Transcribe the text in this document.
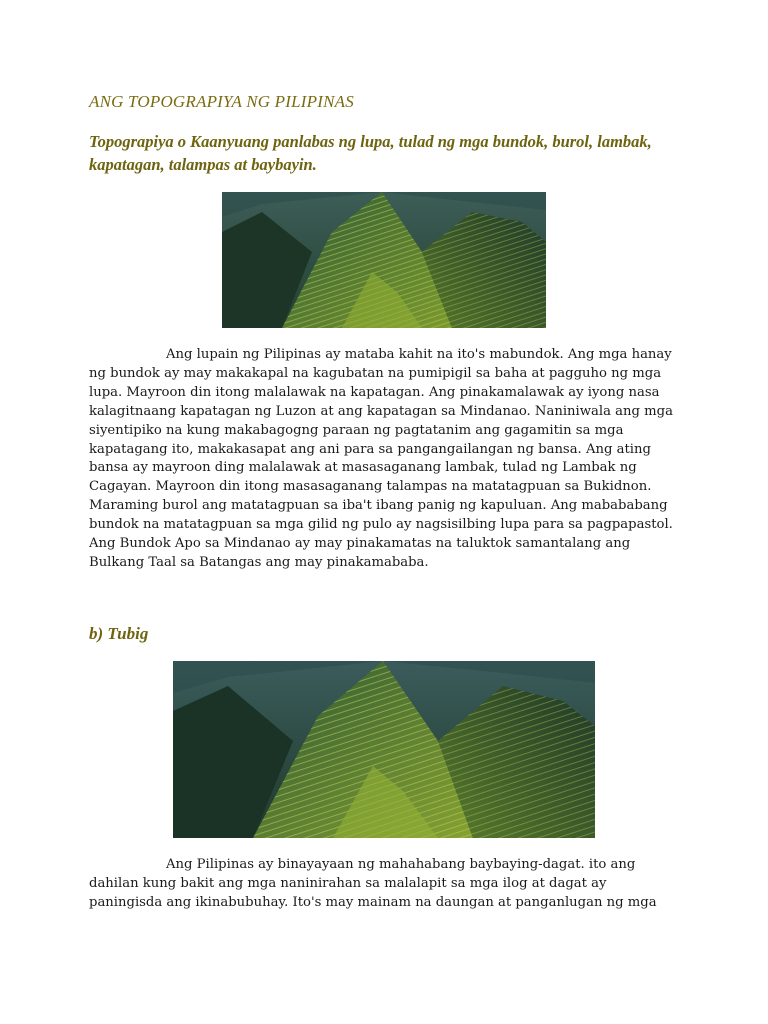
ANG TOPOGRAPIYA NG PILIPINAS

Topograpiya o Kaanyuang panlabas ng lupa, tulad ng mga bundok, burol, lambak, kapatagan, talampas at baybayin.

Ang lupain ng Pilipinas ay mataba kahit na ito's mabundok. Ang mga hanay ng bundok ay may makakapal na kagubatan na pumipigil sa baha at pagguho ng mga lupa. Mayroon din itong malalawak na kapatagan. Ang pinakamalawak ay iyong nasa kalagitnaang kapatagan ng Luzon at ang kapatagan sa Mindanao. Naniniwala ang mga siyentipiko na kung makabagogng paraan ng pagtatanim ang gagamitin sa mga kapatagang ito, makakasapat ang ani para sa pangangailangan ng bansa. Ang ating bansa ay mayroon ding malalawak at masasaganang lambak, tulad ng Lambak ng Cagayan. Mayroon din itong masasaganang talampas na matatagpuan sa Bukidnon. Maraming burol ang matatagpuan sa iba't ibang panig ng kapuluan. Ang mabababang bundok na matatagpuan sa mga gilid ng pulo ay nagsisilbing lupa para sa pagpapastol. Ang Bundok Apo sa Mindanao ay may pinakamatas na taluktok samantalang ang Bulkang Taal sa Batangas ang may pinakamababa.

b) Tubig

Ang Pilipinas ay binayayaan ng mahahabang baybaying-dagat. ito ang dahilan kung bakit ang mga naninirahan sa malalapit sa mga ilog at dagat ay paningisda ang ikinabubuhay. Ito's may mainam na daungan at panganlugan ng mga
